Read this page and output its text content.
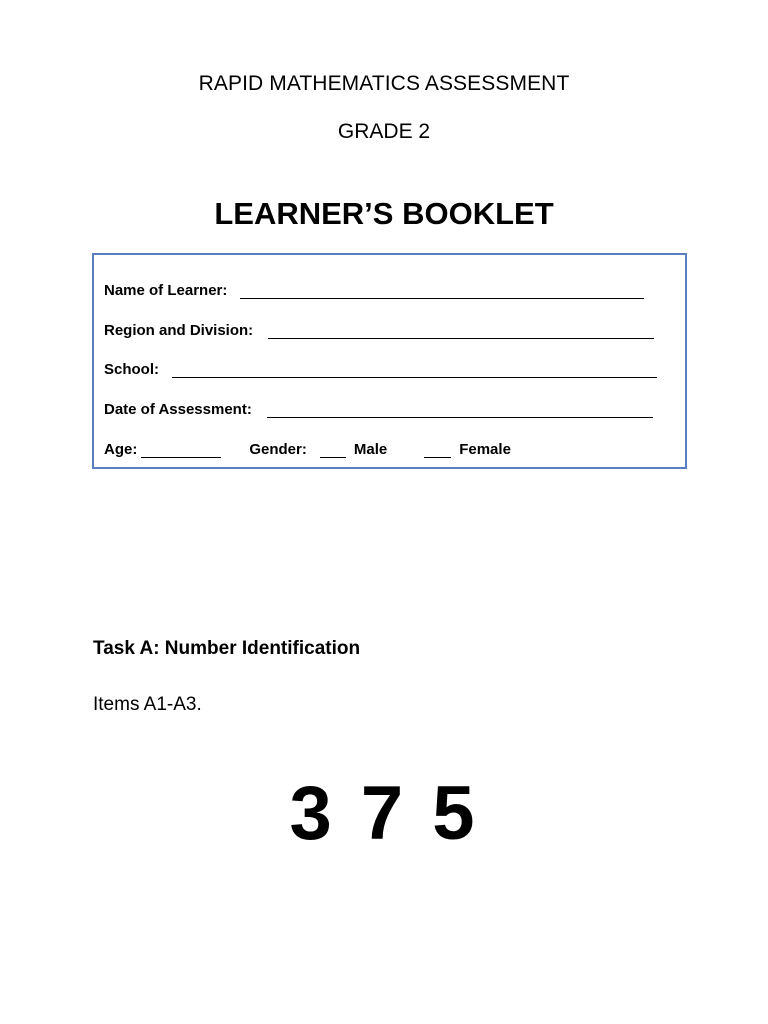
RAPID MATHEMATICS ASSESSMENT
GRADE 2
LEARNER’S BOOKLET
Name of Learner:
Region and Division:
School:
Date of Assessment:
Age:	Gender:	Male	Female
Task A: Number Identification
Items A1-A3.
3 7 5
